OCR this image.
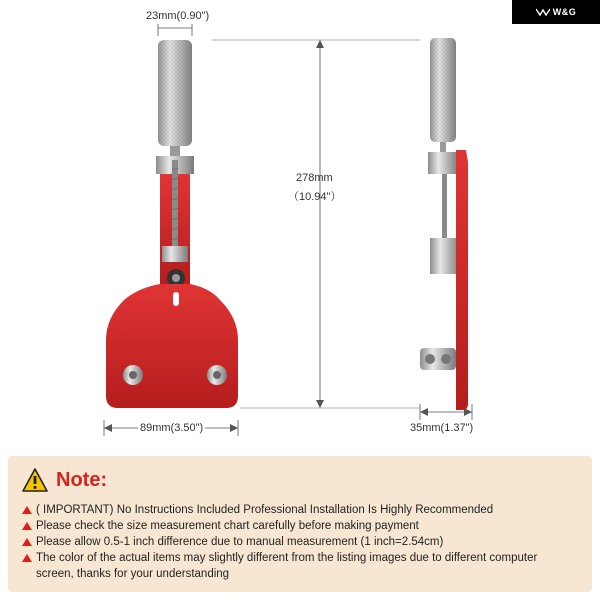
23mm(0.90")
278mm
（10.94"）
89mm(3.50")	35mm(1.37")
W&G
Note:
( IMPORTANT) No Instructions Included Professional Installation Is Highly Recommended
Please check the size measurement chart carefully before making payment
Please allow 0.5-1 inch difference due to manual measurement (1 inch=2.54cm)
The color of the actual items may slightly different from the listing images due to different computer screen, thanks for your understanding
